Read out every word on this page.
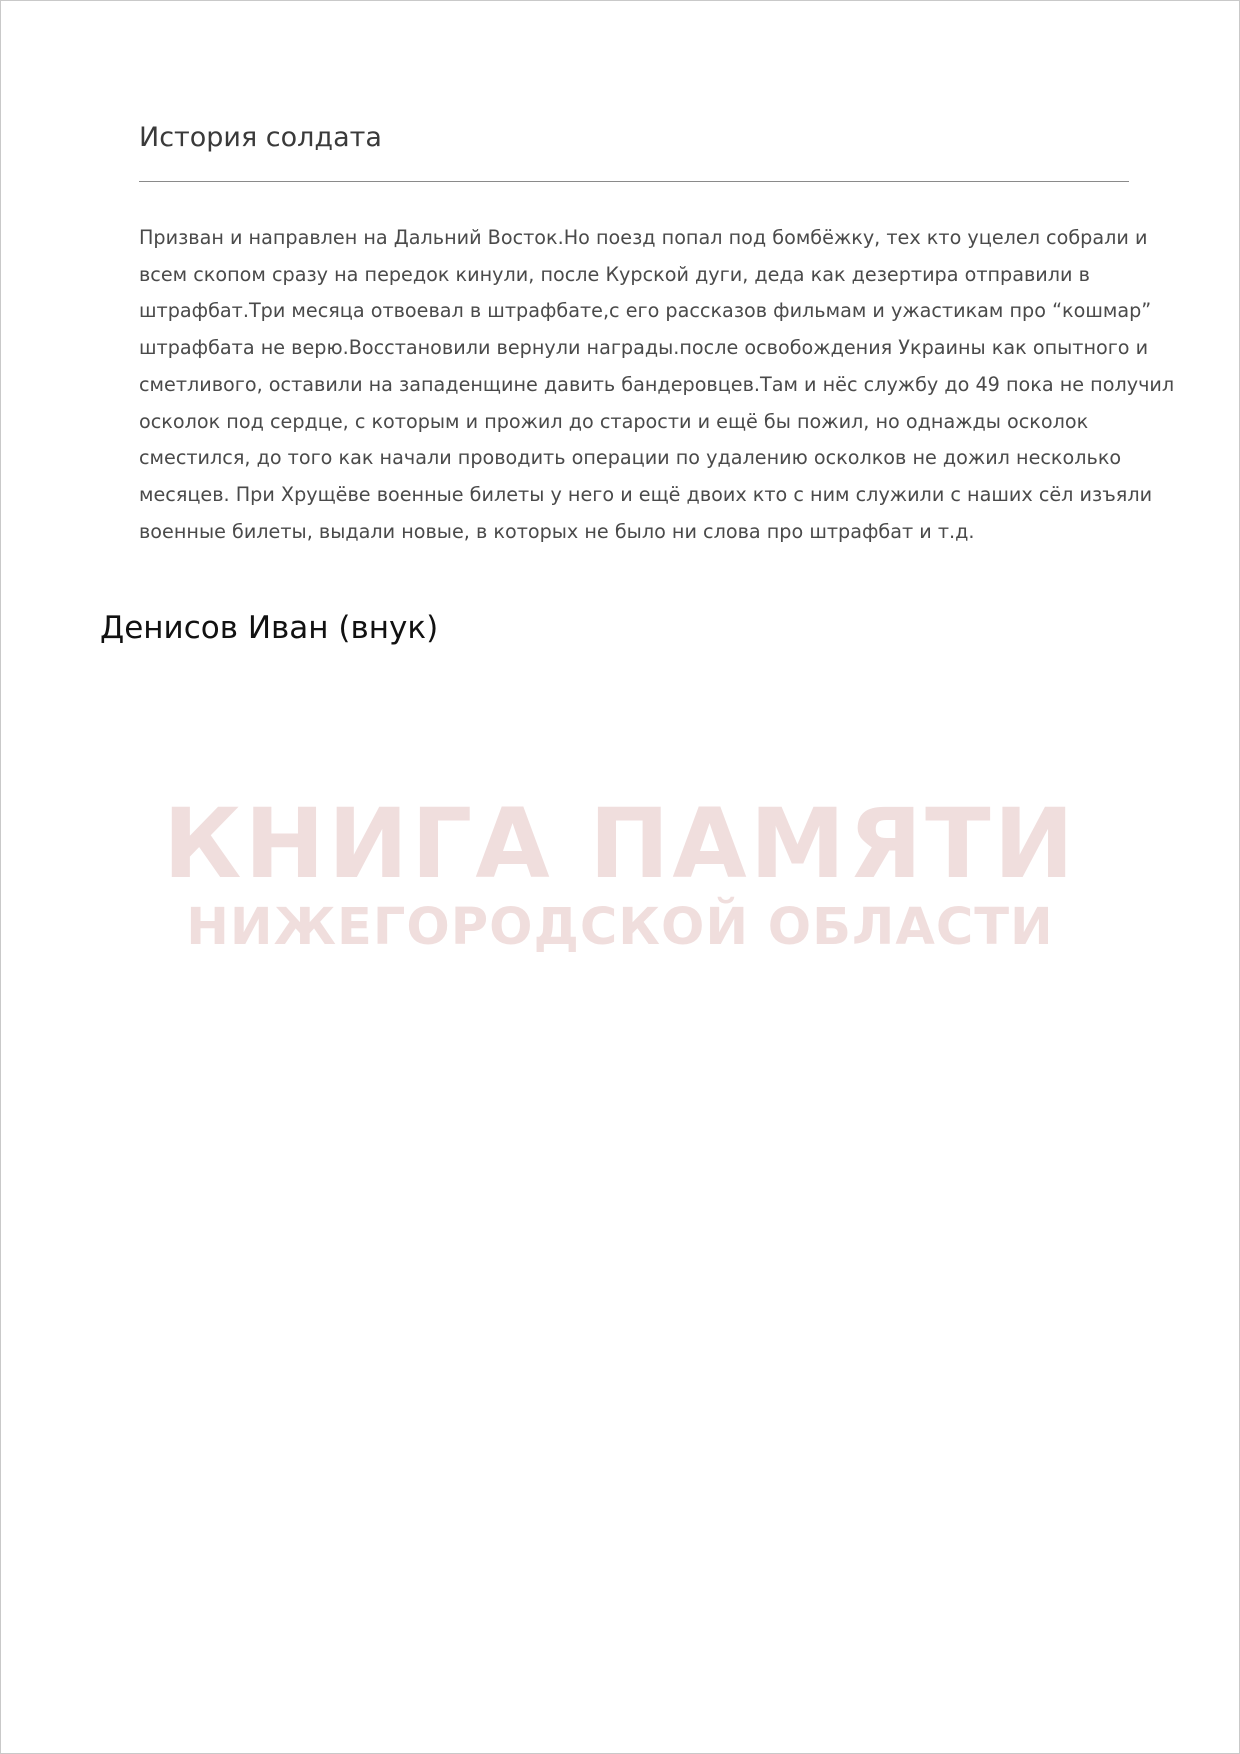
История солдата

Призван и направлен на Дальний Восток.Но поезд попал под бомбёжку, тех кто уцелел собрали и
всем скопом сразу на передок кинули, после Курской дуги, деда как дезертира отправили в
штрафбат.Три месяца отвоевал в штрафбате,с его рассказов фильмам и ужастикам про “кошмар”
штрафбата не верю.Восстановили вернули награды.после освобождения Украины как опытного и
сметливого, оставили на западенщине давить бандеровцев.Там и нёс службу до 49 пока не получил
осколок под сердце, с которым и прожил до старости и ещё бы пожил, но однажды осколок
сместился, до того как начали проводить операции по удалению осколков не дожил несколько
месяцев. При Хрущёве военные билеты у него и ещё двоих кто с ним служили с наших сёл изъяли
военные билеты, выдали новые, в которых не было ни слова про штрафбат и т.д.

Денисов Иван (внук)

КНИГА ПАМЯТИ
НИЖЕГОРОДСКОЙ ОБЛАСТИ
